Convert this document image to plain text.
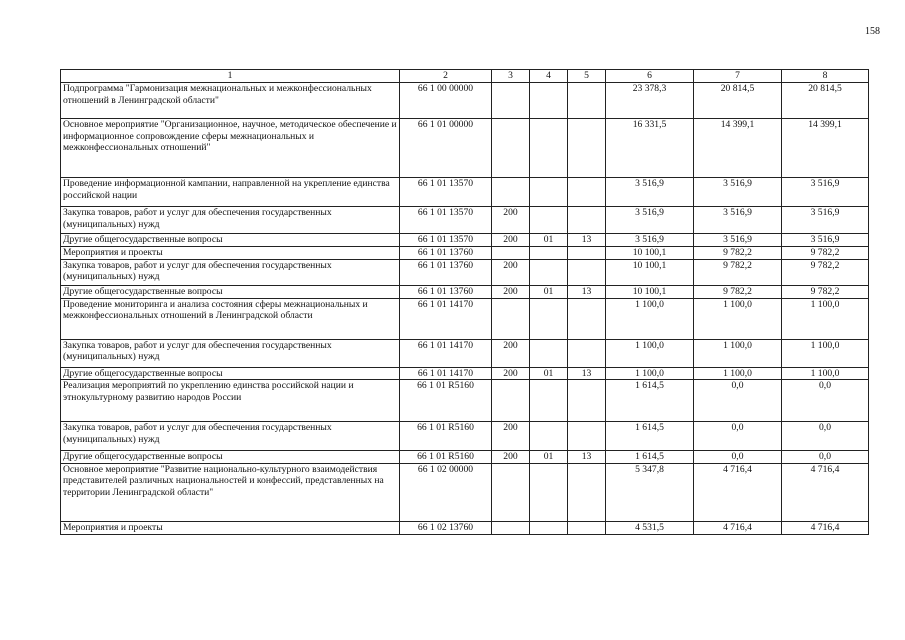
158
1	2	3	4	5	6	7	8
Подпрограмма "Гармонизация межнациональных и межконфессиональных отношений в Ленинградской области"	66 1 00 00000				23 378,3	20 814,5	20 814,5
Основное мероприятие "Организационное, научное, методическое обеспечение и информационное сопровождение сферы межнациональных и межконфессиональных отношений"	66 1 01 00000				16 331,5	14 399,1	14 399,1
Проведение информационной кампании, направленной на укрепление единства российской нации	66 1 01 13570				3 516,9	3 516,9	3 516,9
Закупка товаров, работ и услуг для обеспечения государственных (муниципальных) нужд	66 1 01 13570	200			3 516,9	3 516,9	3 516,9
Другие общегосударственные вопросы	66 1 01 13570	200	01	13	3 516,9	3 516,9	3 516,9
Мероприятия и проекты	66 1 01 13760				10 100,1	9 782,2	9 782,2
Закупка товаров, работ и услуг для обеспечения государственных (муниципальных) нужд	66 1 01 13760	200			10 100,1	9 782,2	9 782,2
Другие общегосударственные вопросы	66 1 01 13760	200	01	13	10 100,1	9 782,2	9 782,2
Проведение мониторинга и анализа состояния сферы межнациональных и межконфессиональных отношений в Ленинградской области	66 1 01 14170				1 100,0	1 100,0	1 100,0
Закупка товаров, работ и услуг для обеспечения государственных (муниципальных) нужд	66 1 01 14170	200			1 100,0	1 100,0	1 100,0
Другие общегосударственные вопросы	66 1 01 14170	200	01	13	1 100,0	1 100,0	1 100,0
Реализация мероприятий по укреплению единства российской нации и этнокультурному развитию народов России	66 1 01 R5160				1 614,5	0,0	0,0
Закупка товаров, работ и услуг для обеспечения государственных (муниципальных) нужд	66 1 01 R5160	200			1 614,5	0,0	0,0
Другие общегосударственные вопросы	66 1 01 R5160	200	01	13	1 614,5	0,0	0,0
Основное мероприятие "Развитие национально-культурного взаимодействия представителей различных национальностей и конфессий, представленных на территории Ленинградской области"	66 1 02 00000				5 347,8	4 716,4	4 716,4
Мероприятия и проекты	66 1 02 13760				4 531,5	4 716,4	4 716,4
